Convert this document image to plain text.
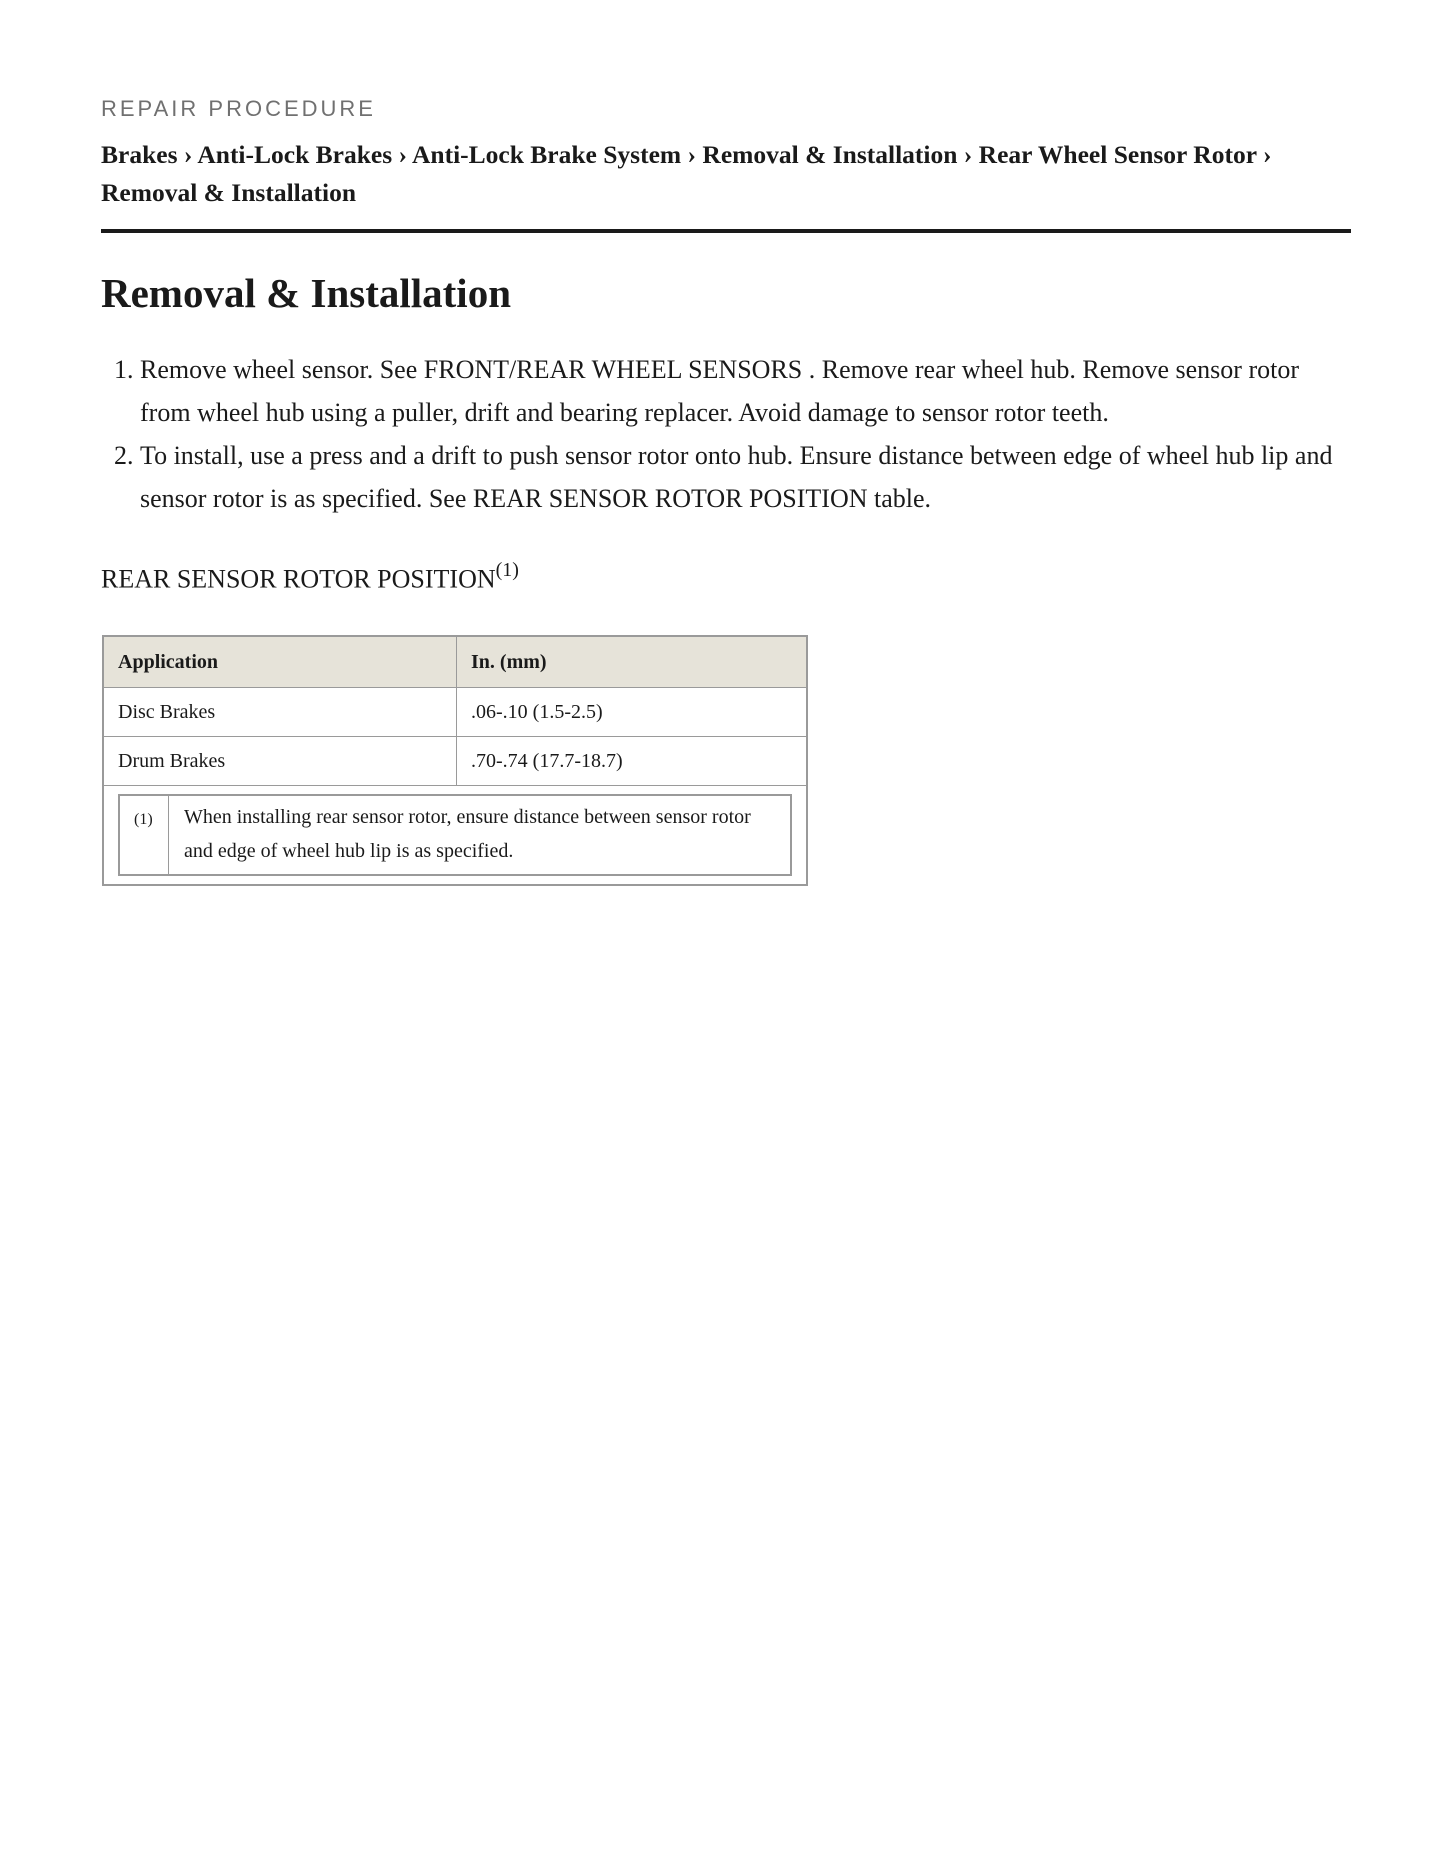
REPAIR PROCEDURE
Brakes › Anti-Lock Brakes › Anti-Lock Brake System › Removal & Installation › Rear Wheel Sensor Rotor › Removal & Installation
Removal & Installation
1. Remove wheel sensor. See FRONT/REAR WHEEL SENSORS . Remove rear wheel hub. Remove sensor rotor from wheel hub using a puller, drift and bearing replacer. Avoid damage to sensor rotor teeth.
2. To install, use a press and a drift to push sensor rotor onto hub. Ensure distance between edge of wheel hub lip and sensor rotor is as specified. See REAR SENSOR ROTOR POSITION table.
REAR SENSOR ROTOR POSITION$^{(1)}$
Application	In. (mm)
Disc Brakes	.06-.10 (1.5-2.5)
Drum Brakes	.70-.74 (17.7-18.7)

(1)	When installing rear sensor rotor, ensure distance between sensor rotor and edge of wheel hub lip is as specified.
